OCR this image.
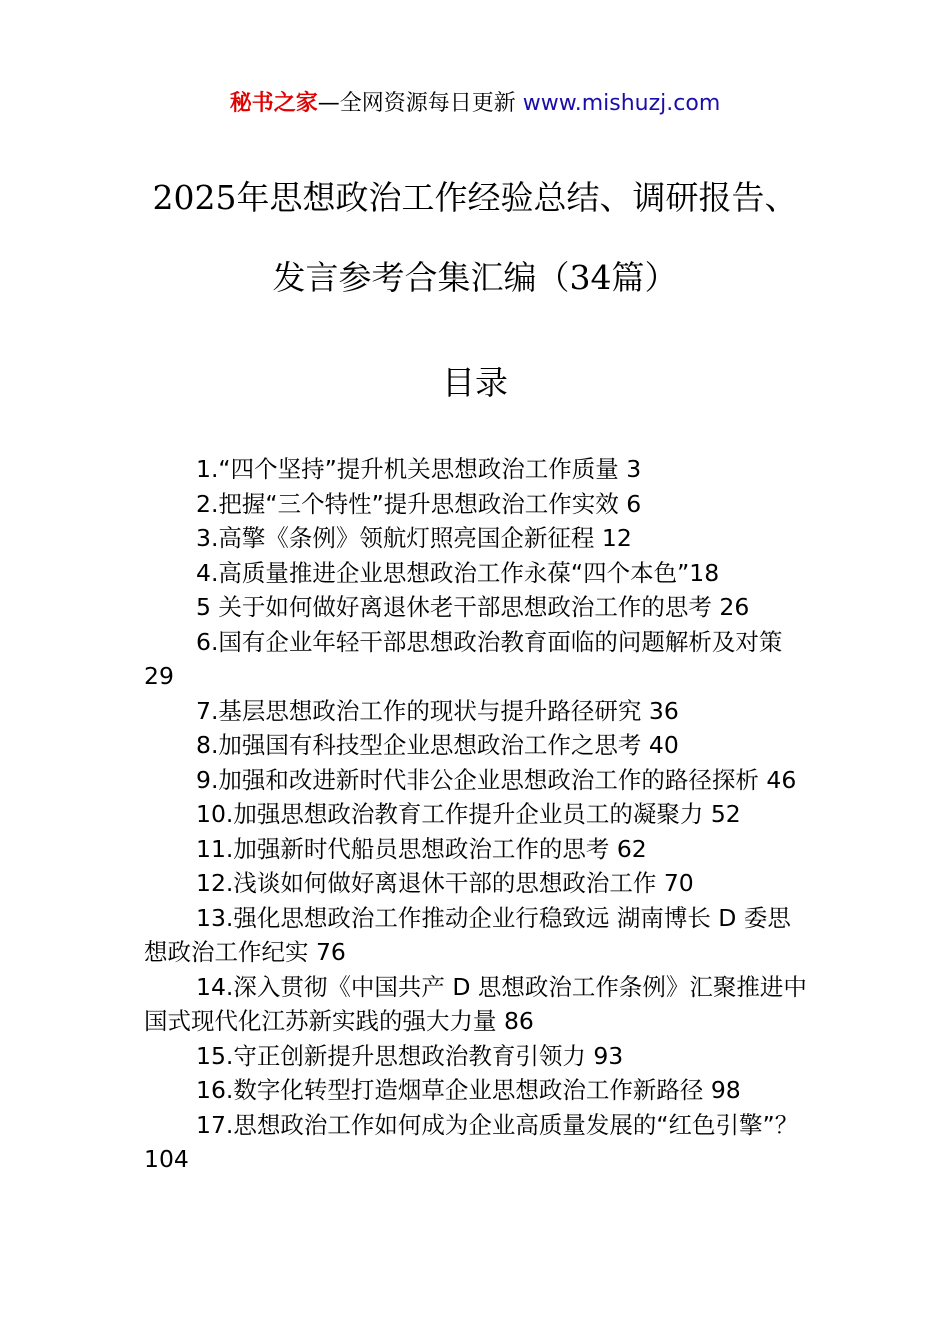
秘书之家—全网资源每日更新 www.mishuzj.com
2025年思想政治工作经验总结、调研报告、
发言参考合集汇编（34篇）
目录
1.“四个坚持”提升机关思想政治工作质量 3
2.把握“三个特性”提升思想政治工作实效 6
3.高擎《条例》领航灯照亮国企新征程 12
4.高质量推进企业思想政治工作永葆“四个本色”18
5 关于如何做好离退休老干部思想政治工作的思考 26
6.国有企业年轻干部思想政治教育面临的问题解析及对策 29
7.基层思想政治工作的现状与提升路径研究 36
8.加强国有科技型企业思想政治工作之思考 40
9.加强和改进新时代非公企业思想政治工作的路径探析 46
10.加强思想政治教育工作提升企业员工的凝聚力 52
11.加强新时代船员思想政治工作的思考 62
12.浅谈如何做好离退休干部的思想政治工作 70
13.强化思想政治工作推动企业行稳致远 湖南博长 D 委思想政治工作纪实 76
14.深入贯彻《中国共产 D 思想政治工作条例》汇聚推进中国式现代化江苏新实践的强大力量 86
15.守正创新提升思想政治教育引领力 93
16.数字化转型打造烟草企业思想政治工作新路径 98
17.思想政治工作如何成为企业高质量发展的“红色引擎”？104
